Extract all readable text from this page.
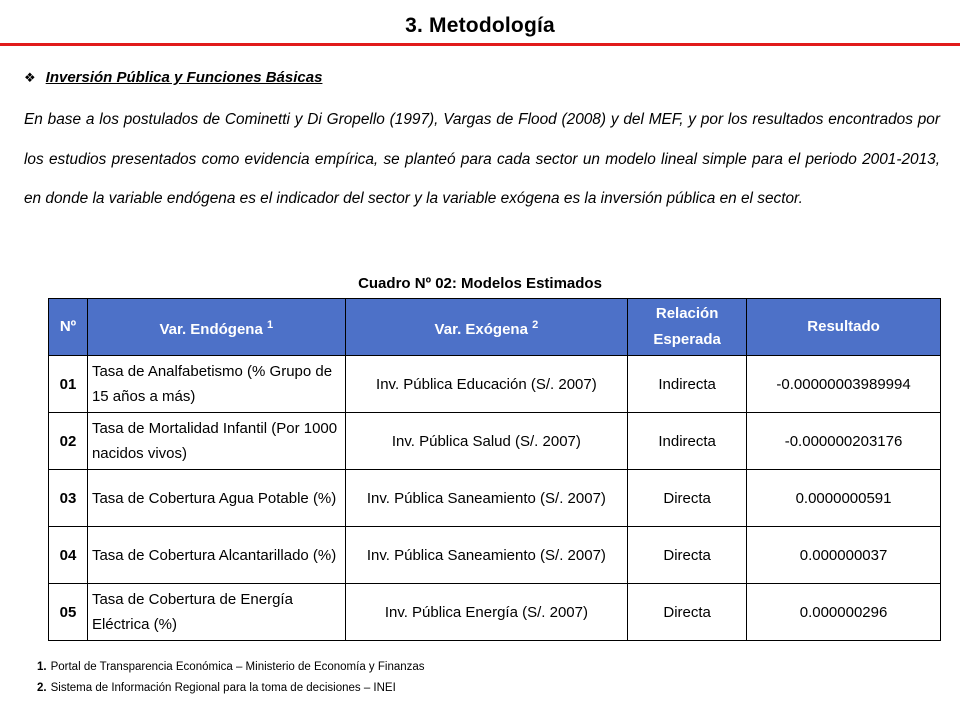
3. Metodología
❖ Inversión Pública y Funciones Básicas
En base a los postulados de Cominetti y Di Gropello (1997), Vargas de Flood (2008) y del MEF, y por los resultados encontrados por los estudios presentados como evidencia empírica, se planteó para cada sector un modelo lineal simple para el periodo 2001-2013, en donde la variable endógena es el indicador del sector y la variable exógena es la inversión pública en el sector.
Cuadro Nº 02: Modelos Estimados
Nº	Var. Endógena $^1$	Var. Exógena $^2$	Relación Esperada	Resultado
01	Tasa de Analfabetismo (% Grupo de 15 años a más)	Inv. Pública Educación (S/. 2007)	Indirecta	-0.00000003989994
02	Tasa de Mortalidad Infantil (Por 1000 nacidos vivos)	Inv. Pública Salud (S/. 2007)	Indirecta	-0.000000203176
03	Tasa de Cobertura Agua Potable (%)	Inv. Pública Saneamiento (S/. 2007)	Directa	0.0000000591
04	Tasa de Cobertura Alcantarillado (%)	Inv. Pública Saneamiento (S/. 2007)	Directa	0.000000037
05	Tasa de Cobertura de Energía Eléctrica (%)	Inv. Pública Energía (S/. 2007)	Directa	0.000000296
1. Portal de Transparencia Económica – Ministerio de Economía y Finanzas
2. Sistema de Información Regional para la toma de decisiones – INEI
